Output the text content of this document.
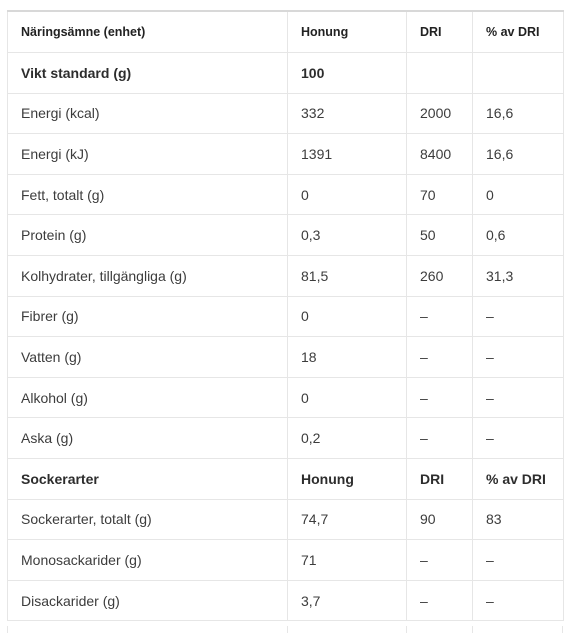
Näringsämne (enhet)	Honung	DRI	% av DRI
Vikt standard (g)	100		
Energi (kcal)	332	2000	16,6
Energi (kJ)	1391	8400	16,6
Fett, totalt (g)	0	70	0
Protein (g)	0,3	50	0,6
Kolhydrater, tillgängliga (g)	81,5	260	31,3
Fibrer (g)	0	–	–
Vatten (g)	18	–	–
Alkohol (g)	0	–	–
Aska (g)	0,2	–	–
Sockerarter	Honung	DRI	% av DRI
Sockerarter, totalt (g)	74,7	90	83
Monosackarider (g)	71	–	–
Disackarider (g)	3,7	–	–
